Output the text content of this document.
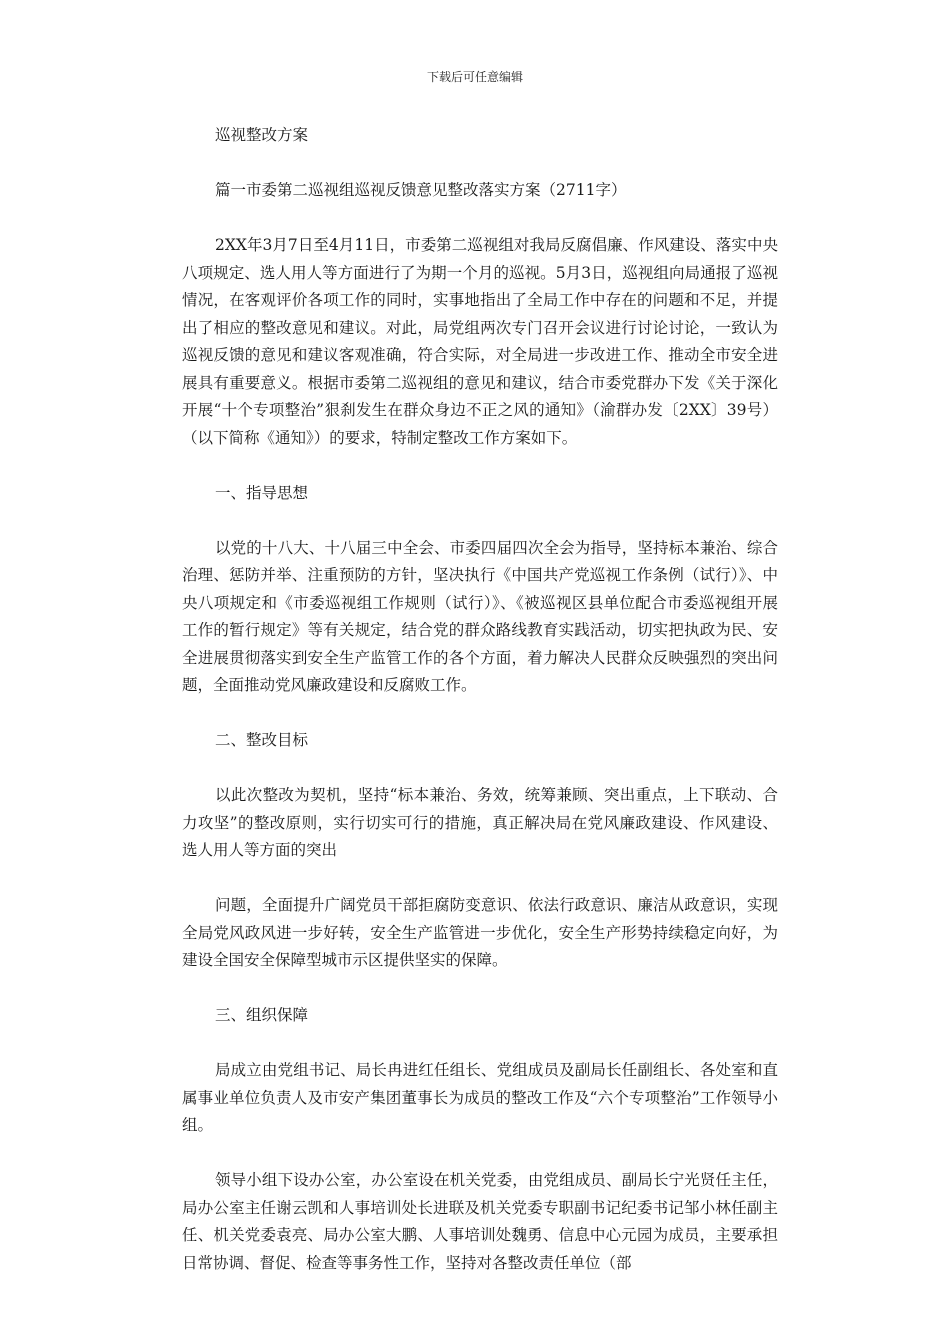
下载后可任意编辑

巡视整改方案

篇一市委第二巡视组巡视反馈意见整改落实方案（2711字）

2XX年3月7日至4月11日，市委第二巡视组对我局反腐倡廉、作风建设、落实中央八项规定、选人用人等方面进行了为期一个月的巡视。5月3日，巡视组向局通报了巡视情况，在客观评价各项工作的同时，实事地指出了全局工作中存在的问题和不足，并提出了相应的整改意见和建议。对此，局党组两次专门召开会议进行讨论讨论，一致认为巡视反馈的意见和建议客观准确，符合实际，对全局进一步改进工作、推动全市安全进展具有重要意义。根据市委第二巡视组的意见和建议，结合市委党群办下发《关于深化开展“十个专项整治”狠刹发生在群众身边不正之风的通知》（渝群办发〔2XX〕39号）（以下简称《通知》）的要求，特制定整改工作方案如下。

一、指导思想

以党的十八大、十八届三中全会、市委四届四次全会为指导，坚持标本兼治、综合治理、惩防并举、注重预防的方针，坚决执行《中国共产党巡视工作条例（试行）》、中央八项规定和《市委巡视组工作规则（试行）》、《被巡视区县单位配合市委巡视组开展工作的暂行规定》等有关规定，结合党的群众路线教育实践活动，切实把执政为民、安全进展贯彻落实到安全生产监管工作的各个方面，着力解决人民群众反映强烈的突出问题，全面推动党风廉政建设和反腐败工作。

二、整改目标

以此次整改为契机，坚持“标本兼治、务效，统筹兼顾、突出重点，上下联动、合力攻坚”的整改原则，实行切实可行的措施，真正解决局在党风廉政建设、作风建设、选人用人等方面的突出

问题，全面提升广阔党员干部拒腐防变意识、依法行政意识、廉洁从政意识，实现全局党风政风进一步好转，安全生产监管进一步优化，安全生产形势持续稳定向好，为建设全国安全保障型城市示区提供坚实的保障。

三、组织保障

局成立由党组书记、局长冉进红任组长、党组成员及副局长任副组长、各处室和直属事业单位负责人及市安产集团董事长为成员的整改工作及“六个专项整治”工作领导小组。

领导小组下设办公室，办公室设在机关党委，由党组成员、副局长宁光贤任主任，局办公室主任谢云凯和人事培训处长进联及机关党委专职副书记纪委书记邹小林任副主任、机关党委袁亮、局办公室大鹏、人事培训处魏勇、信息中心元园为成员，主要承担日常协调、督促、检查等事务性工作，坚持对各整改责任单位（部
